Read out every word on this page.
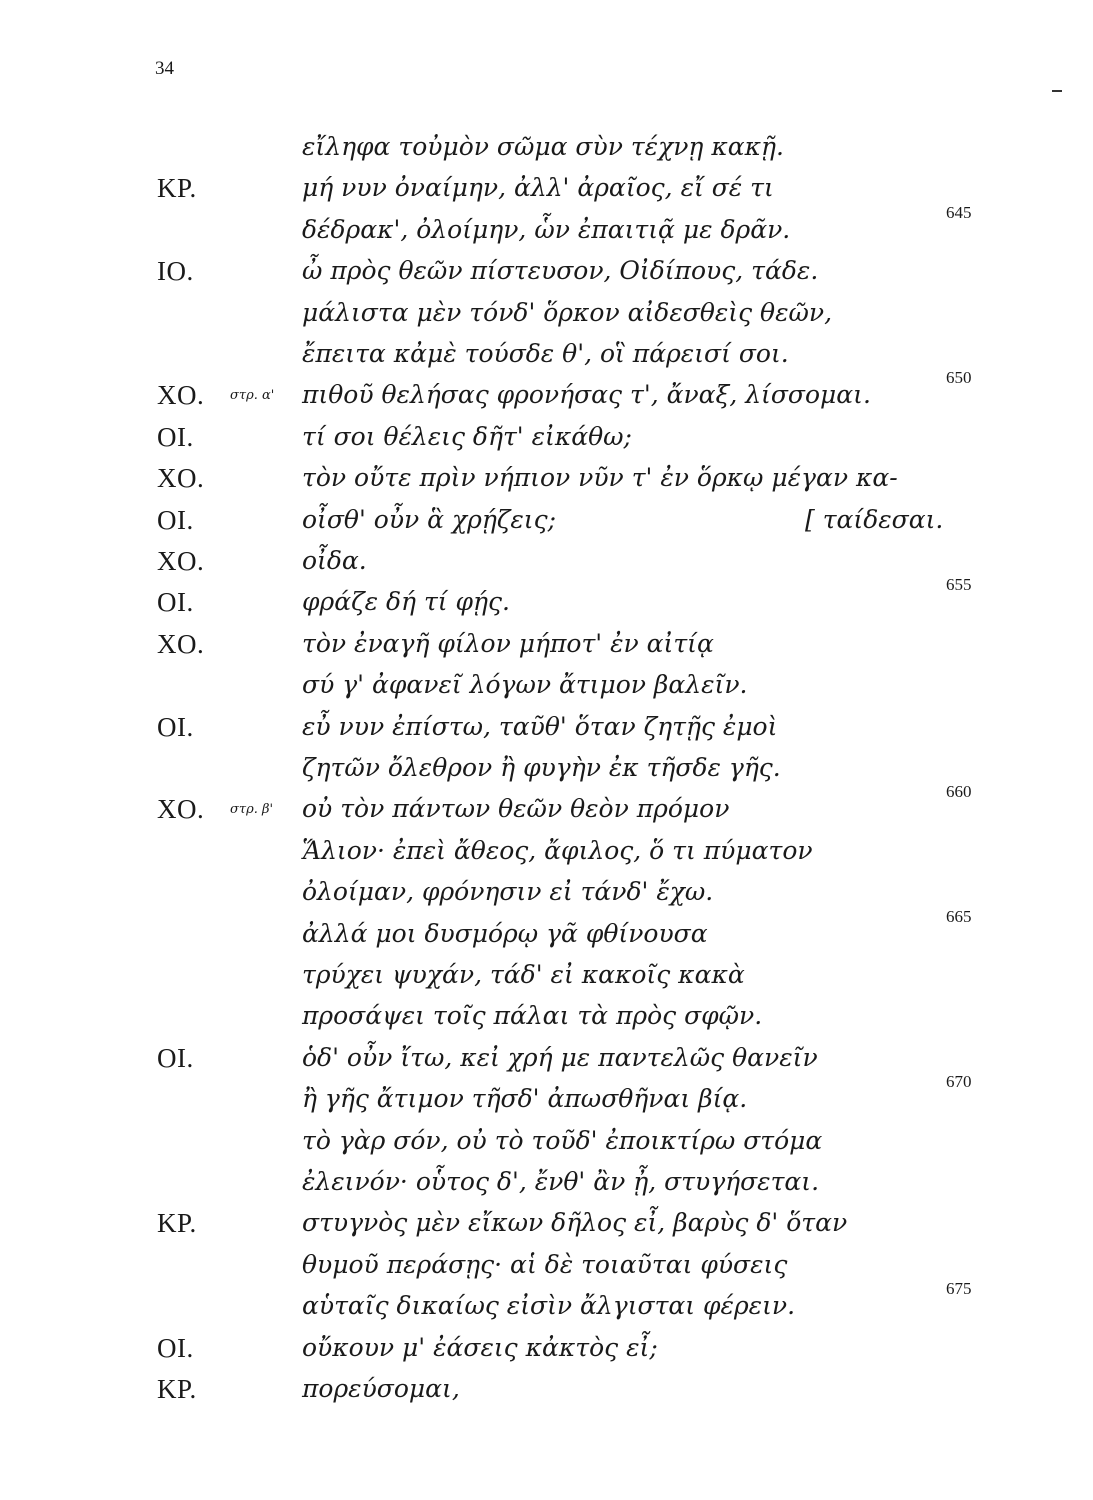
34
εἴληφα τοὐμὸν σῶμα σὺν τέχνῃ κακῇ.
ΚΡ.	μή νυν ὀναίμην, ἀλλ' ἀραῖος, εἴ σέ τι
δέδρακ', ὀλοίμην, ὧν ἐπαιτιᾷ με δρᾶν.
645
ΙΟ.	ὦ πρὸς θεῶν πίστευσον, Οἰδίπους, τάδε.
μάλιστα μὲν τόνδ' ὅρκον αἰδεσθεὶς θεῶν,
ἔπειτα κἀμὲ τούσδε θ', οἳ πάρεισί σοι.
ΧΟ. στρ. α' πιθοῦ θελήσας φρονήσας τ', ἄναξ, λίσσομαι.
650
ΟΙ.	τί σοι θέλεις δῆτ' εἰκάθω;
ΧΟ.	τὸν οὔτε πρὶν νήπιον νῦν τ' ἐν ὅρκῳ μέγαν κα-
ΟΙ.	οἶσθ' οὖν ἃ χρῄζεις;	[ ταίδεσαι.
ΧΟ.	οἶδα.
ΟΙ.	φράζε δή τί φῄς.
655
ΧΟ.	τὸν ἐναγῆ φίλον μήποτ' ἐν αἰτίᾳ
σύ γ' ἀφανεῖ λόγων ἄτιμον βαλεῖν.
ΟΙ.	εὖ νυν ἐπίστω, ταῦθ' ὅταν ζητῇς ἐμοὶ
ζητῶν ὄλεθρον ἢ φυγὴν ἐκ τῆσδε γῆς.
ΧΟ. στρ. β' οὐ τὸν πάντων θεῶν θεὸν πρόμον
660
Ἅλιον· ἐπεὶ ἄθεος, ἄφιλος, ὅ τι πύματον
ὀλοίμαν, φρόνησιν εἰ τάνδ' ἔχω.
ἀλλά μοι δυσμόρῳ γᾶ φθίνουσα
665
τρύχει ψυχάν, τάδ' εἰ κακοῖς κακὰ
προσάψει τοῖς πάλαι τὰ πρὸς σφῷν.
ΟΙ.	ὁδ' οὖν ἴτω, κεἰ χρή με παντελῶς θανεῖν
ἢ γῆς ἄτιμον τῆσδ' ἀπωσθῆναι βίᾳ.
670
τὸ γὰρ σόν, οὐ τὸ τοῦδ' ἐποικτίρω στόμα
ἐλεινόν· οὗτος δ', ἔνθ' ἂν ᾖ, στυγήσεται.
ΚΡ.	στυγνὸς μὲν εἴκων δῆλος εἶ, βαρὺς δ' ὅταν
θυμοῦ περάσῃς· αἱ δὲ τοιαῦται φύσεις
αὑταῖς δικαίως εἰσὶν ἄλγισται φέρειν.
675
ΟΙ.	οὔκουν μ' ἐάσεις κἀκτὸς εἶ;
ΚΡ.	πορεύσομαι,
